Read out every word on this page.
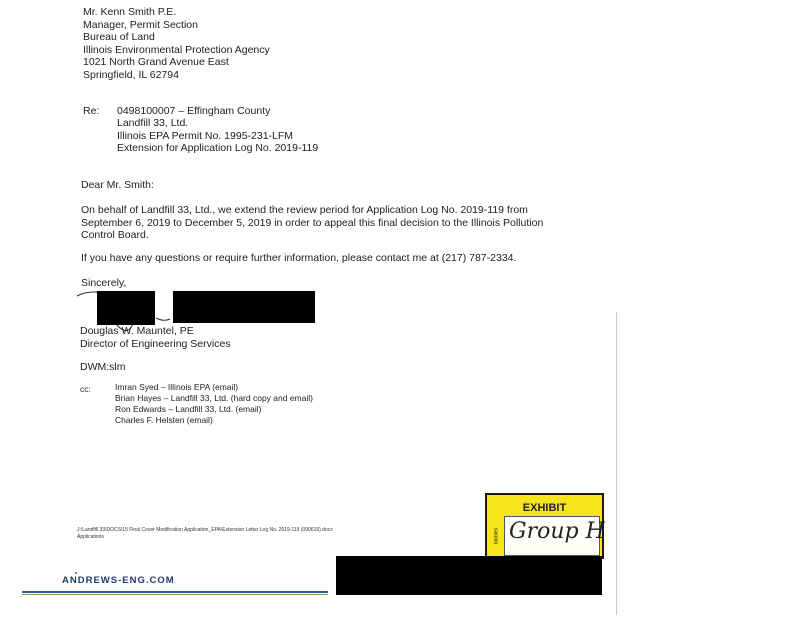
Mr. Kenn Smith P.E.
Manager, Permit Section
Bureau of Land
Illinois Environmental Protection Agency
1021 North Grand Avenue East
Springfield, IL 62794
Re: 0498100007 – Effingham County
Landfill 33, Ltd.
Illinois EPA Permit No. 1995-231-LFM
Extension for Application Log No. 2019-119
Dear Mr. Smith:
On behalf of Landfill 33, Ltd., we extend the review period for Application Log No. 2019-119 from September 6, 2019 to December 5, 2019 in order to appeal this final decision to the Illinois Pollution Control Board.
If you have any questions or require further information, please contact me at (217) 787-2334.
Sincerely,
Douglas W. Mauntel, PE
Director of Engineering Services
DWM:slm
cc:	Imran Syed – Illinois EPA (email)
Brian Hayes – Landfill 33, Ltd. (hard copy and email)
Ron Edwards – Landfill 33, Ltd. (email)
Charles F. Helsten (email)
J:\Landfill 33\DOCS\15 Final Cover Modification Application_EPA\Extension Letter Log No. 2019-119 (090619).docx
Applications
ANDREWS-ENG.COM
EXHIBIT
tabbles Group H
